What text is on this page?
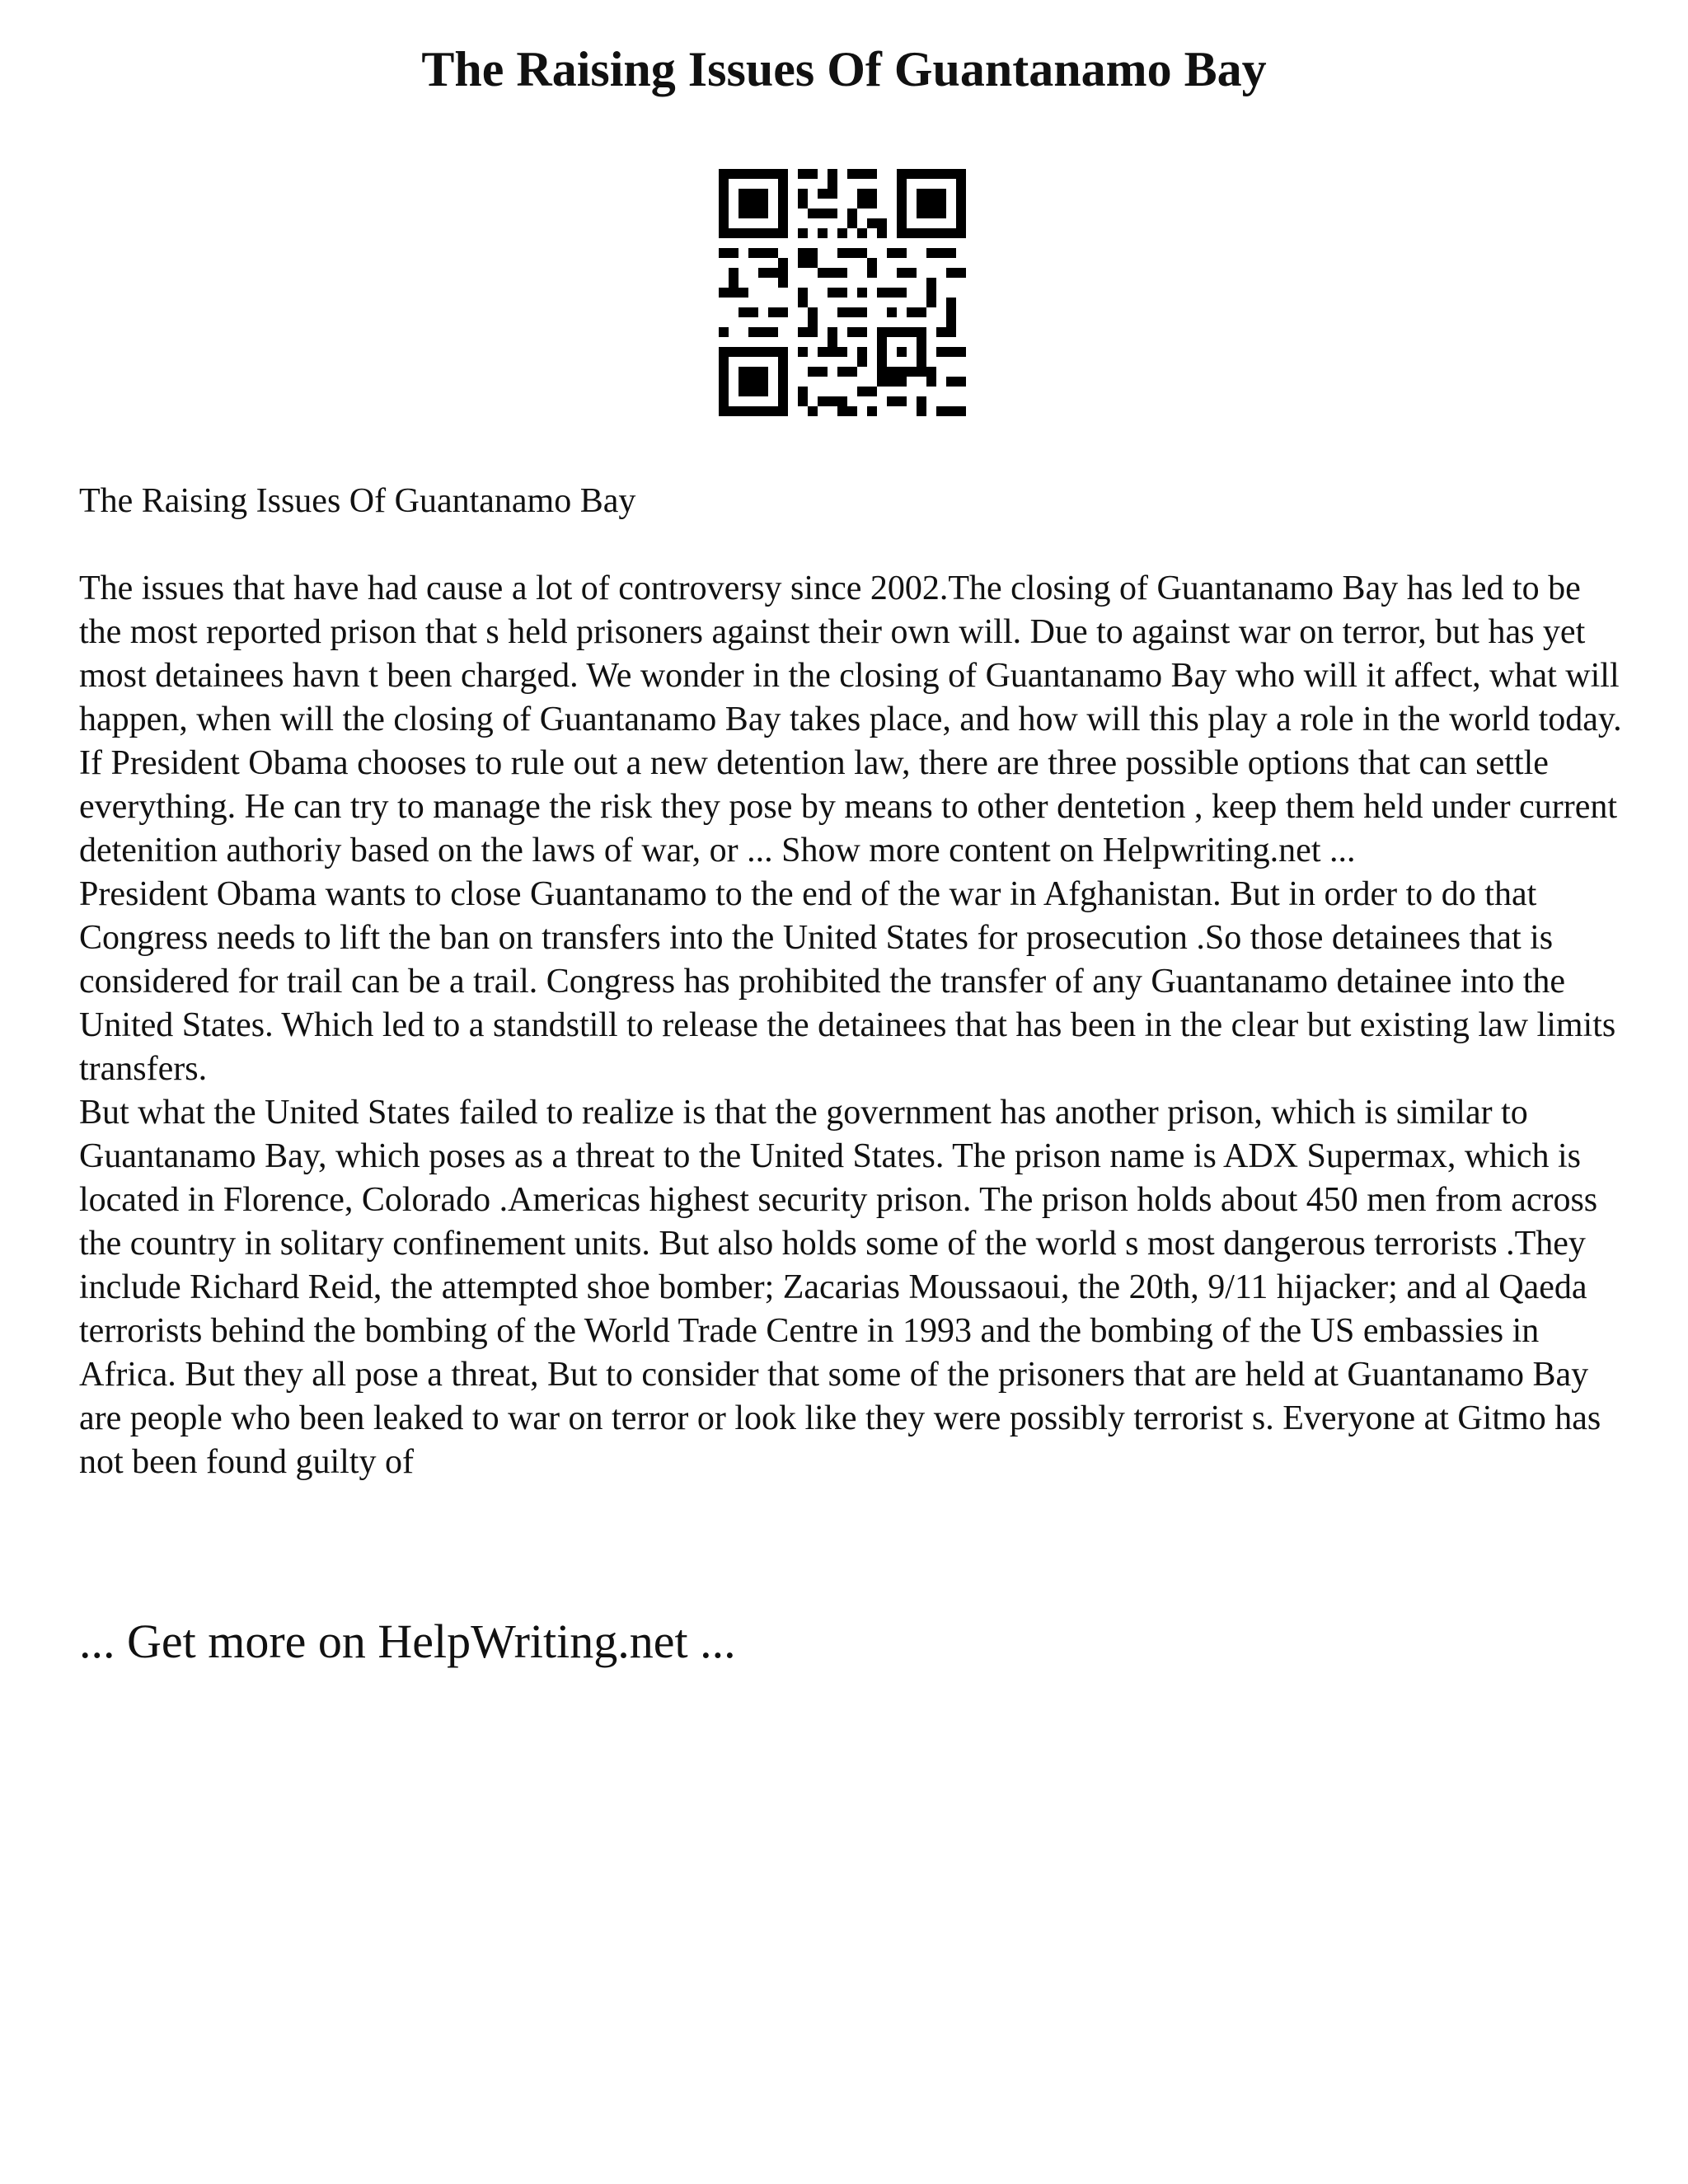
The Raising Issues Of Guantanamo Bay

The Raising Issues Of Guantanamo Bay

The issues that have had cause a lot of controversy since 2002.The closing of Guantanamo Bay has led to be the most reported prison that s held prisoners against their own will. Due to against war on terror, but has yet most detainees havn t been charged. We wonder in the closing of Guantanamo Bay who will it affect, what will happen, when will the closing of Guantanamo Bay takes place, and how will this play a role in the world today.

If President Obama chooses to rule out a new detention law, there are three possible options that can settle everything. He can try to manage the risk they pose by means to other dentetion , keep them held under current detenition authoriy based on the laws of war, or ... Show more content on Helpwriting.net ...

President Obama wants to close Guantanamo to the end of the war in Afghanistan. But in order to do that Congress needs to lift the ban on transfers into the United States for prosecution .So those detainees that is considered for trail can be a trail. Congress has prohibited the transfer of any Guantanamo detainee into the United States. Which led to a standstill to release the detainees that has been in the clear but existing law limits transfers.

But what the United States failed to realize is that the government has another prison, which is similar to Guantanamo Bay, which poses as a threat to the United States. The prison name is ADX Supermax, which is located in Florence, Colorado .Americas highest security prison. The prison holds about 450 men from across the country in solitary confinement units. But also holds some of the world s most dangerous terrorists .They include Richard Reid, the attempted shoe bomber; Zacarias Moussaoui, the 20th, 9/11 hijacker; and al Qaeda terrorists behind the bombing of the World Trade Centre in 1993 and the bombing of the US embassies in Africa. But they all pose a threat, But to consider that some of the prisoners that are held at Guantanamo Bay are people who been leaked to war on terror or look like they were possibly terrorist s. Everyone at Gitmo has not been found guilty of

... Get more on HelpWriting.net ...
